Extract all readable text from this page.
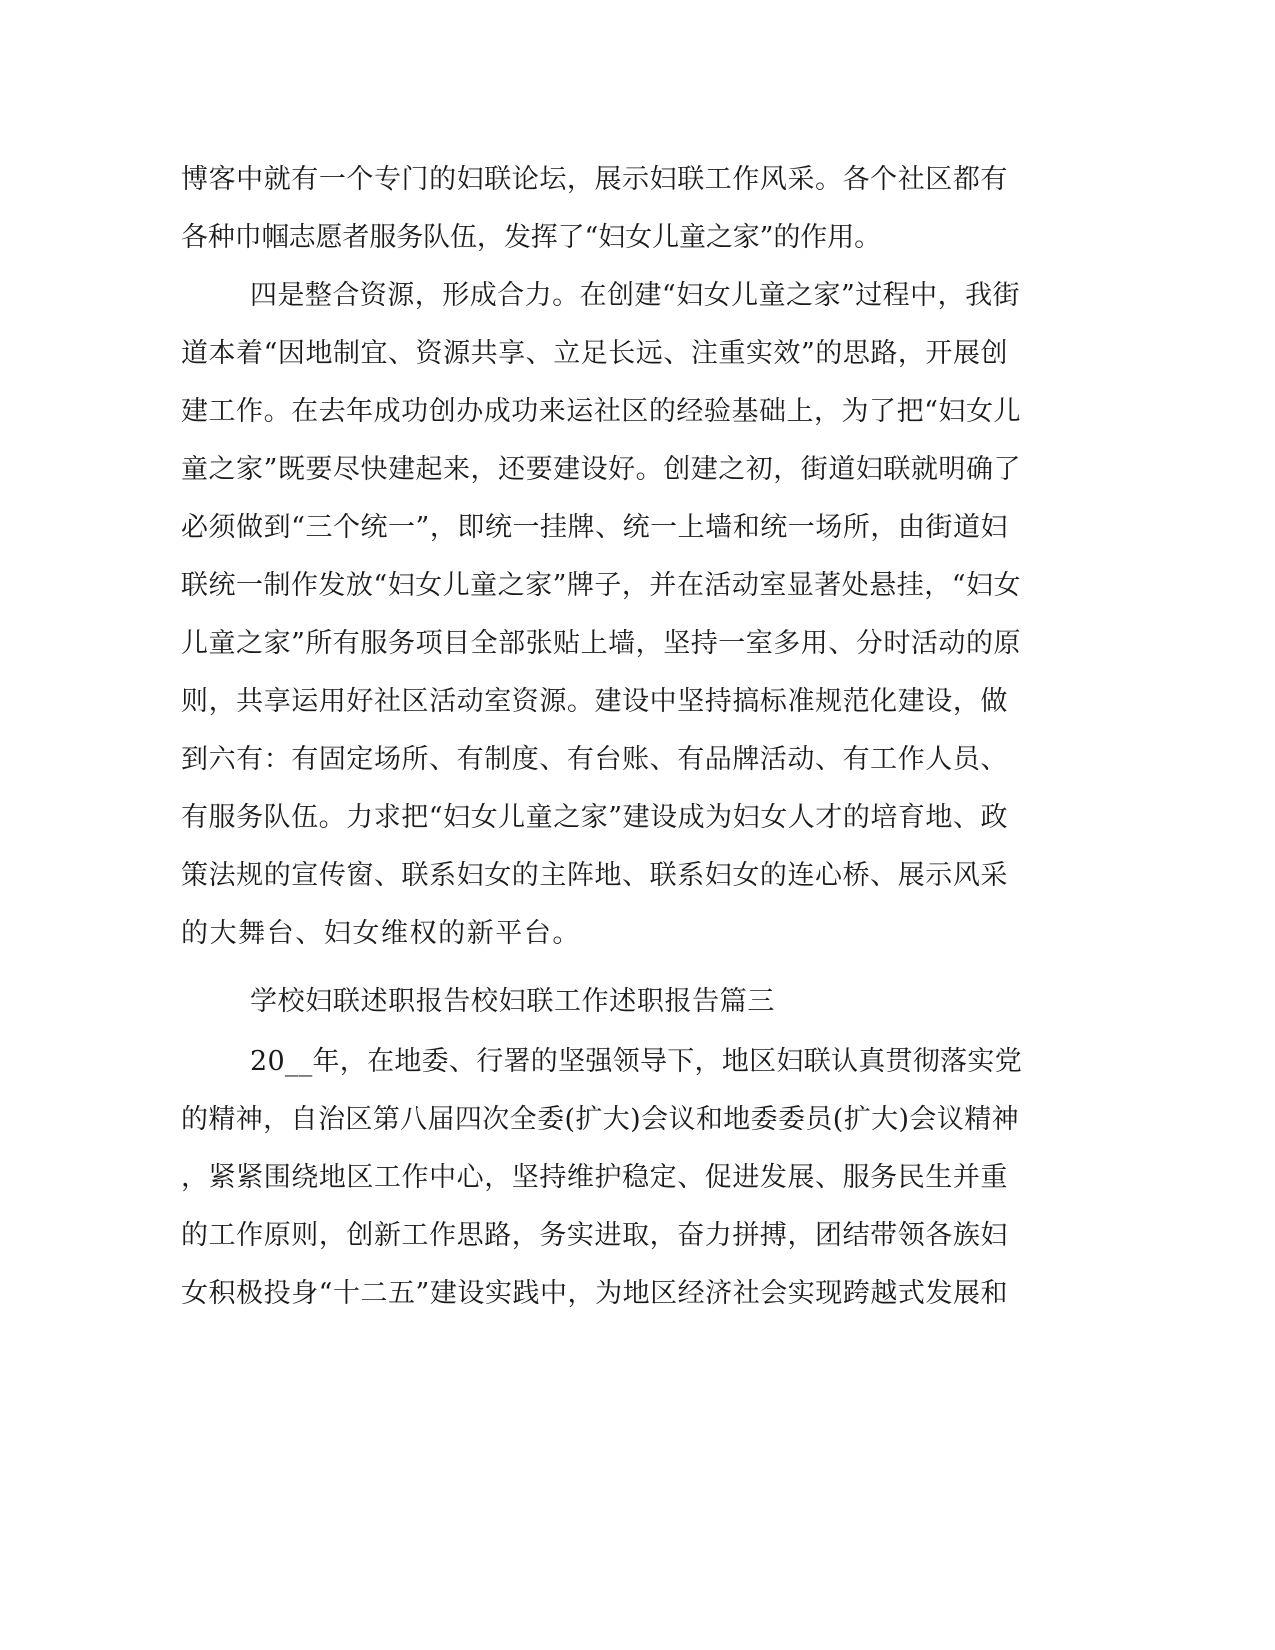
博客中就有一个专门的妇联论坛，展示妇联工作风采。各个社区都有
各种巾帼志愿者服务队伍，发挥了“妇女儿童之家”的作用。
四是整合资源，形成合力。在创建“妇女儿童之家”过程中，我街
道本着“因地制宜、资源共享、立足长远、注重实效”的思路，开展创
建工作。在去年成功创办成功来运社区的经验基础上，为了把“妇女儿
童之家”既要尽快建起来，还要建设好。创建之初，街道妇联就明确了
必须做到“三个统一”，即统一挂牌、统一上墙和统一场所，由街道妇
联统一制作发放“妇女儿童之家”牌子，并在活动室显著处悬挂，“妇女
儿童之家”所有服务项目全部张贴上墙，坚持一室多用、分时活动的原
则，共享运用好社区活动室资源。建设中坚持搞标准规范化建设，做
到六有：有固定场所、有制度、有台账、有品牌活动、有工作人员、
有服务队伍。力求把“妇女儿童之家”建设成为妇女人才的培育地、政
策法规的宣传窗、联系妇女的主阵地、联系妇女的连心桥、展示风采
的大舞台、妇女维权的新平台。
学校妇联述职报告校妇联工作述职报告篇三
20__年，在地委、行署的坚强领导下，地区妇联认真贯彻落实党
的精神，自治区第八届四次全委(扩大)会议和地委委员(扩大)会议精神
，紧紧围绕地区工作中心，坚持维护稳定、促进发展、服务民生并重
的工作原则，创新工作思路，务实进取，奋力拼搏，团结带领各族妇
女积极投身“十二五”建设实践中，为地区经济社会实现跨越式发展和
